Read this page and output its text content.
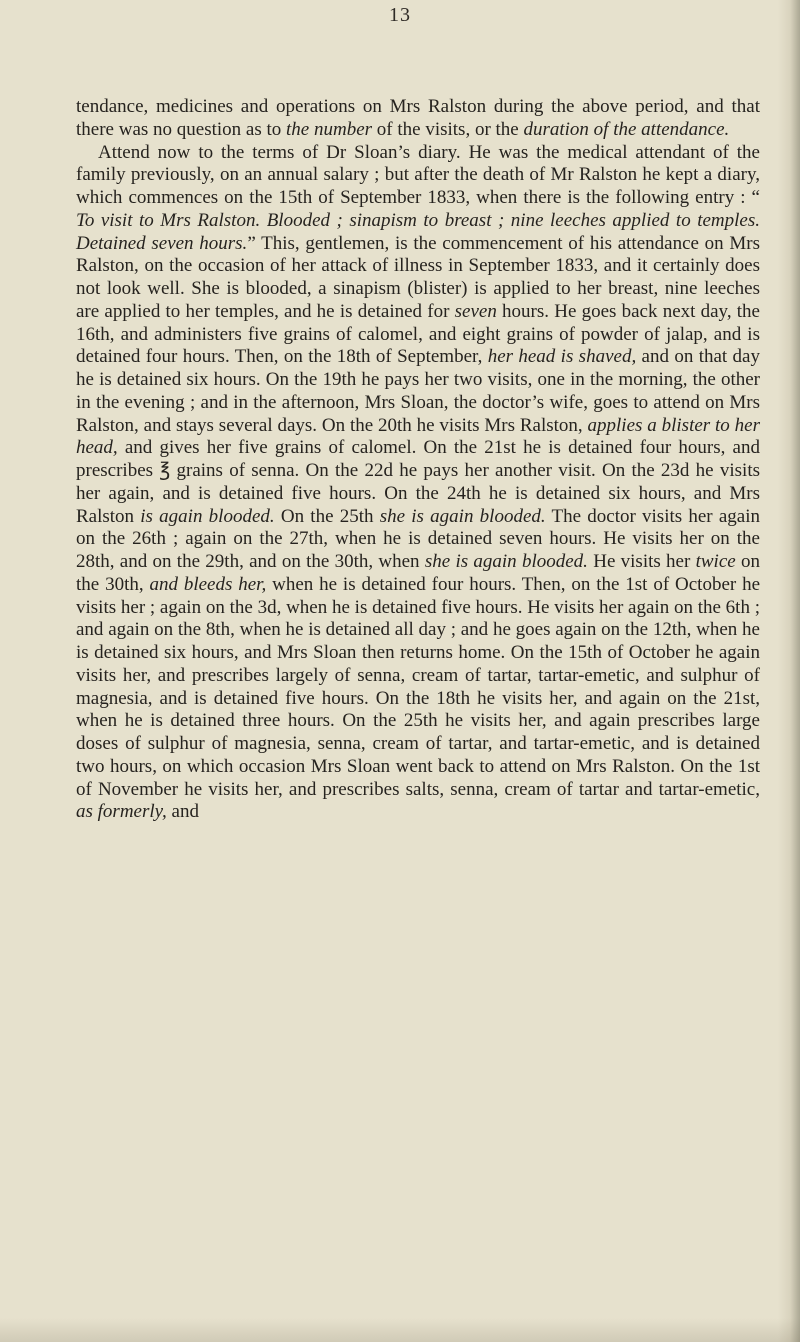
13

tendance, medicines and operations on Mrs Ralston during the above period, and that there was no question as to the number of the visits, or the duration of the attendance.

Attend now to the terms of Dr Sloan’s diary. He was the medical attendant of the family previously, on an annual salary ; but after the death of Mr Ralston he kept a diary, which commences on the 15th of September 1833, when there is the following entry : “ To visit to Mrs Ralston. Blooded ; sinapism to breast ; nine leeches applied to temples. Detained seven hours.” This, gentlemen, is the commencement of his attendance on Mrs Ralston, on the occasion of her attack of illness in September 1833, and it certainly does not look well. She is blooded, a sinapism (blister) is applied to her breast, nine leeches are applied to her temples, and he is detained for seven hours. He goes back next day, the 16th, and administers five grains of calomel, and eight grains of powder of jalap, and is detained four hours. Then, on the 18th of September, her head is shaved, and on that day he is detained six hours. On the 19th he pays her two visits, one in the morning, the other in the evening ; and in the afternoon, Mrs Sloan, the doctor’s wife, goes to attend on Mrs Ralston, and stays several days. On the 20th he visits Mrs Ralston, applies a blister to her head, and gives her five grains of calomel. On the 21st he is detained four hours, and prescribes ℥ grains of senna. On the 22d he pays her another visit. On the 23d he visits her again, and is detained five hours. On the 24th he is detained six hours, and Mrs Ralston is again blooded. On the 25th she is again blooded. The doctor visits her again on the 26th ; again on the 27th, when he is detained seven hours. He visits her on the 28th, and on the 29th, and on the 30th, when she is again blooded. He visits her twice on the 30th, and bleeds her, when he is detained four hours. Then, on the 1st of October he visits her ; again on the 3d, when he is detained five hours. He visits her again on the 6th ; and again on the 8th, when he is detained all day ; and he goes again on the 12th, when he is detained six hours, and Mrs Sloan then returns home. On the 15th of October he again visits her, and prescribes largely of senna, cream of tartar, tartar-emetic, and sulphur of magnesia, and is detained five hours. On the 18th he visits her, and again on the 21st, when he is detained three hours. On the 25th he visits her, and again prescribes large doses of sulphur of magnesia, senna, cream of tartar, and tartar-emetic, and is detained two hours, on which occasion Mrs Sloan went back to attend on Mrs Ralston. On the 1st of November he visits her, and prescribes salts, senna, cream of tartar and tartar-emetic, as formerly, and
